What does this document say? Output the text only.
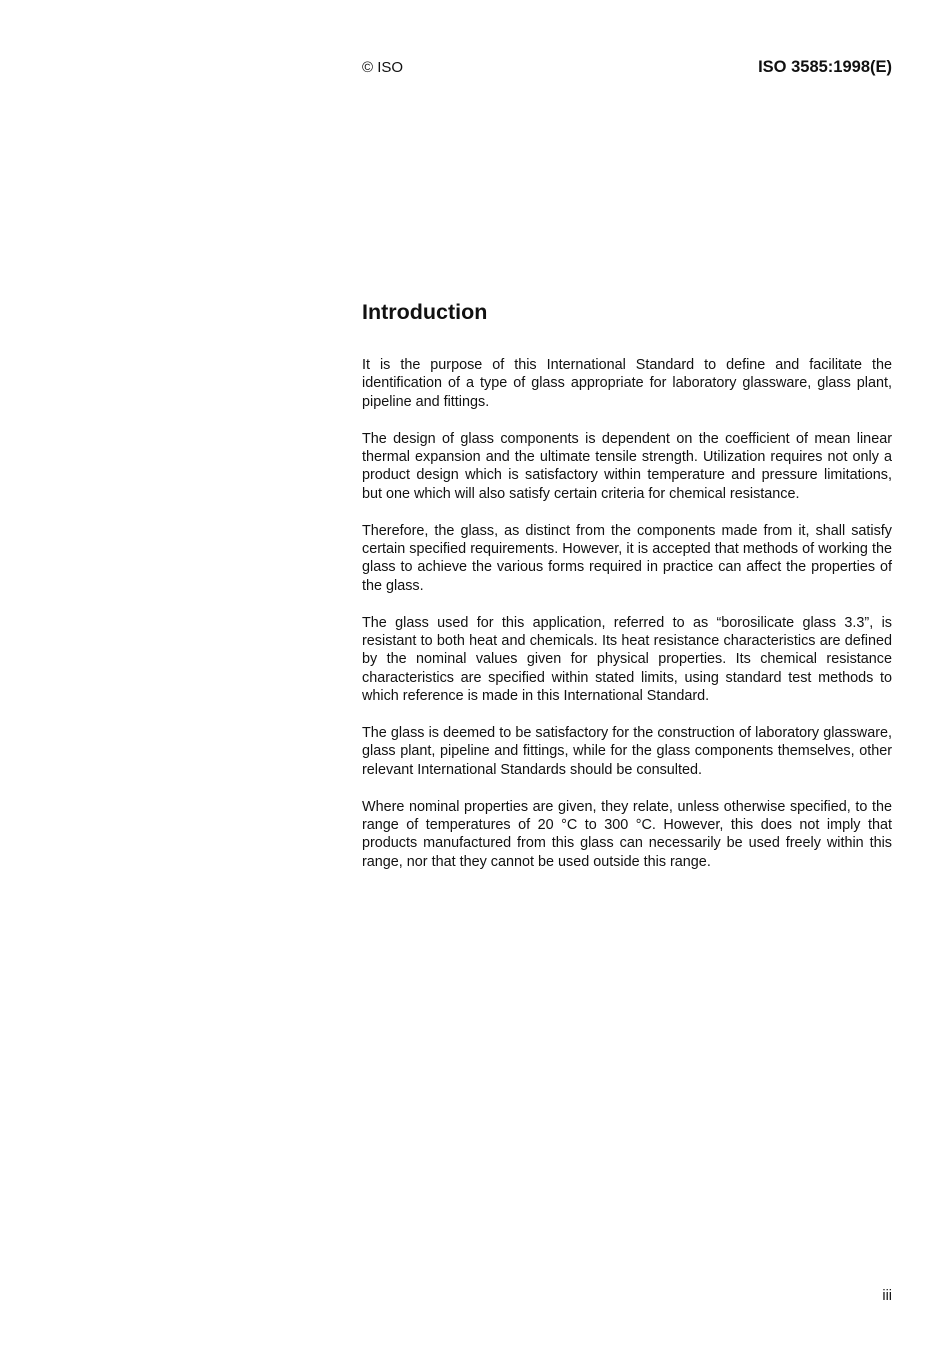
© ISO	ISO 3585:1998(E)
Introduction

It is the purpose of this International Standard to define and facilitate the identification of a type of glass appropriate for laboratory glassware, glass plant, pipeline and fittings.

The design of glass components is dependent on the coefficient of mean linear thermal expansion and the ultimate tensile strength. Utilization requires not only a product design which is satisfactory within temperature and pressure limitations, but one which will also satisfy certain criteria for chemical resistance.

Therefore, the glass, as distinct from the components made from it, shall satisfy certain specified requirements. However, it is accepted that methods of working the glass to achieve the various forms required in practice can affect the properties of the glass.

The glass used for this application, referred to as “borosilicate glass 3.3”, is resistant to both heat and chemicals. Its heat resistance characteristics are defined by the nominal values given for physical properties. Its chemical resistance characteristics are specified within stated limits, using standard test methods to which reference is made in this International Standard.

The glass is deemed to be satisfactory for the construction of laboratory glassware, glass plant, pipeline and fittings, while for the glass components themselves, other relevant International Standards should be consulted.

Where nominal properties are given, they relate, unless otherwise specified, to the range of temperatures of 20 °C to 300 °C. However, this does not imply that products manufactured from this glass can necessarily be used freely within this range, nor that they cannot be used outside this range.

iii
